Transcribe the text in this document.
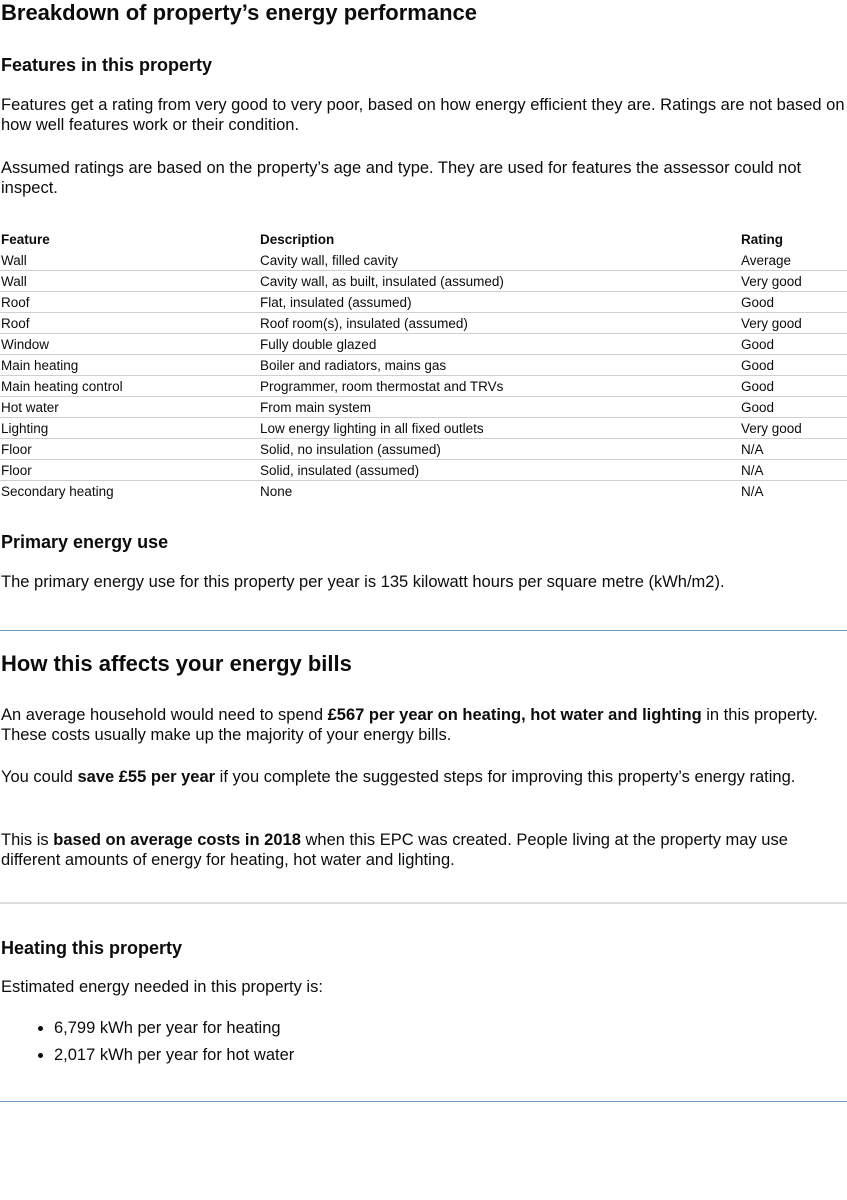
Breakdown of property’s energy performance
Features in this property

Features get a rating from very good to very poor, based on how energy efficient they are. Ratings are not based on how well features work or their condition.

Assumed ratings are based on the property’s age and type. They are used for features the assessor could not inspect.

Feature	Description	Rating
Wall	Cavity wall, filled cavity	Average
Wall	Cavity wall, as built, insulated (assumed)	Very good
Roof	Flat, insulated (assumed)	Good
Roof	Roof room(s), insulated (assumed)	Very good
Window	Fully double glazed	Good
Main heating	Boiler and radiators, mains gas	Good
Main heating control	Programmer, room thermostat and TRVs	Good
Hot water	From main system	Good
Lighting	Low energy lighting in all fixed outlets	Very good
Floor	Solid, no insulation (assumed)	N/A
Floor	Solid, insulated (assumed)	N/A
Secondary heating	None	N/A
Primary energy use

The primary energy use for this property per year is 135 kilowatt hours per square metre (kWh/m2).

How this affects your energy bills

An average household would need to spend £567 per year on heating, hot water and lighting in this property. These costs usually make up the majority of your energy bills.

You could save £55 per year if you complete the suggested steps for improving this property’s energy rating.

This is based on average costs in 2018 when this EPC was created. People living at the property may use different amounts of energy for heating, hot water and lighting.

Heating this property

Estimated energy needed in this property is:

• 6,799 kWh per year for heating
• 2,017 kWh per year for hot water
